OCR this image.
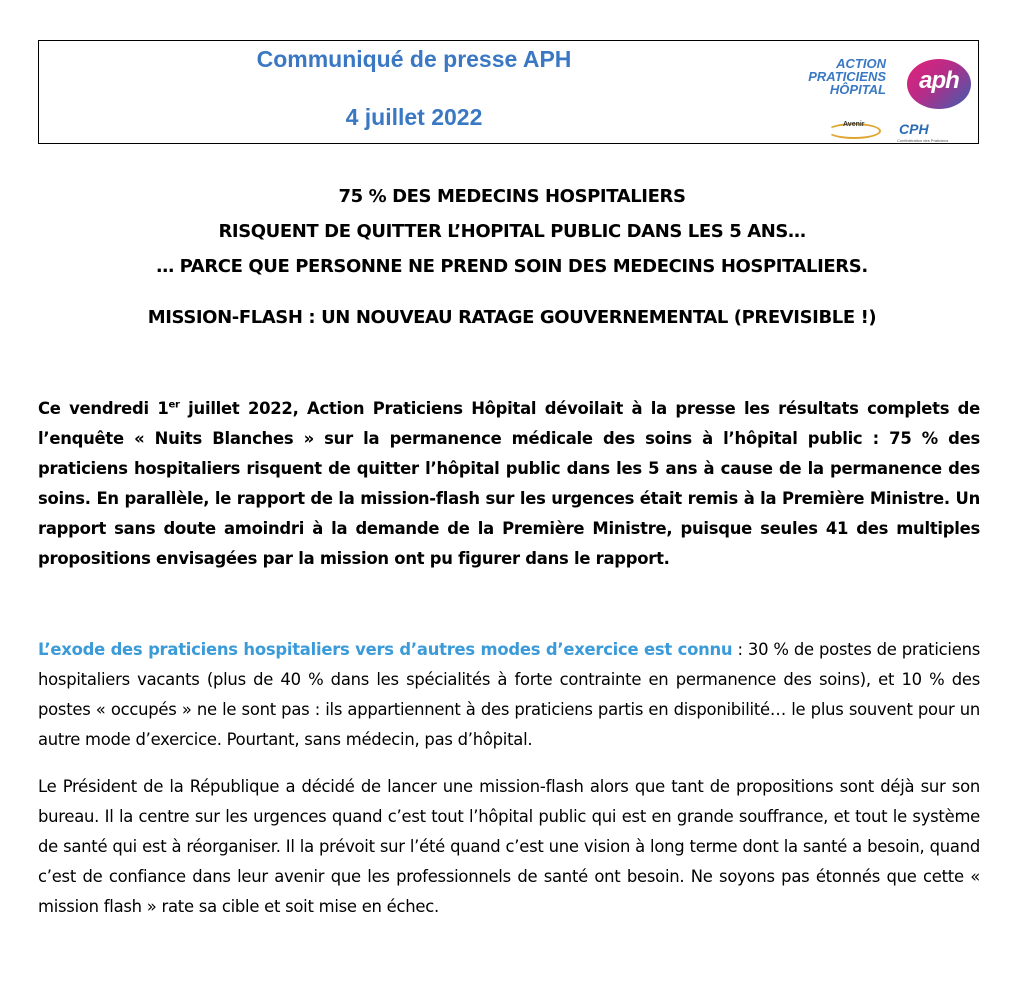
Communiqué de presse APH
4 juillet 2022
ACTION
PRATICIENS
HÔPITAL	aph
Avenir CPH
Confédération des Praticiens
75 % DES MEDECINS HOSPITALIERS
RISQUENT DE QUITTER L’HOPITAL PUBLIC DANS LES 5 ANS…
… PARCE QUE PERSONNE NE PREND SOIN DES MEDECINS HOSPITALIERS.
MISSION-FLASH : UN NOUVEAU RATAGE GOUVERNEMENTAL (PREVISIBLE !)

Ce vendredi 1er juillet 2022, Action Praticiens Hôpital dévoilait à la presse les résultats complets de l’enquête « Nuits Blanches » sur la permanence médicale des soins à l’hôpital public : 75 % des praticiens hospitaliers risquent de quitter l’hôpital public dans les 5 ans à cause de la permanence des soins. En parallèle, le rapport de la mission-flash sur les urgences était remis à la Première Ministre. Un rapport sans doute amoindri à la demande de la Première Ministre, puisque seules 41 des multiples propositions envisagées par la mission ont pu figurer dans le rapport.

L’exode des praticiens hospitaliers vers d’autres modes d’exercice est connu : 30 % de postes de praticiens hospitaliers vacants (plus de 40 % dans les spécialités à forte contrainte en permanence des soins), et 10 % des postes « occupés » ne le sont pas : ils appartiennent à des praticiens partis en disponibilité… le plus souvent pour un autre mode d’exercice. Pourtant, sans médecin, pas d’hôpital.

Le Président de la République a décidé de lancer une mission-flash alors que tant de propositions sont déjà sur son bureau. Il la centre sur les urgences quand c’est tout l’hôpital public qui est en grande souffrance, et tout le système de santé qui est à réorganiser. Il la prévoit sur l’été quand c’est une vision à long terme dont la santé a besoin, quand c’est de confiance dans leur avenir que les professionnels de santé ont besoin. Ne soyons pas étonnés que cette « mission flash » rate sa cible et soit mise en échec.
